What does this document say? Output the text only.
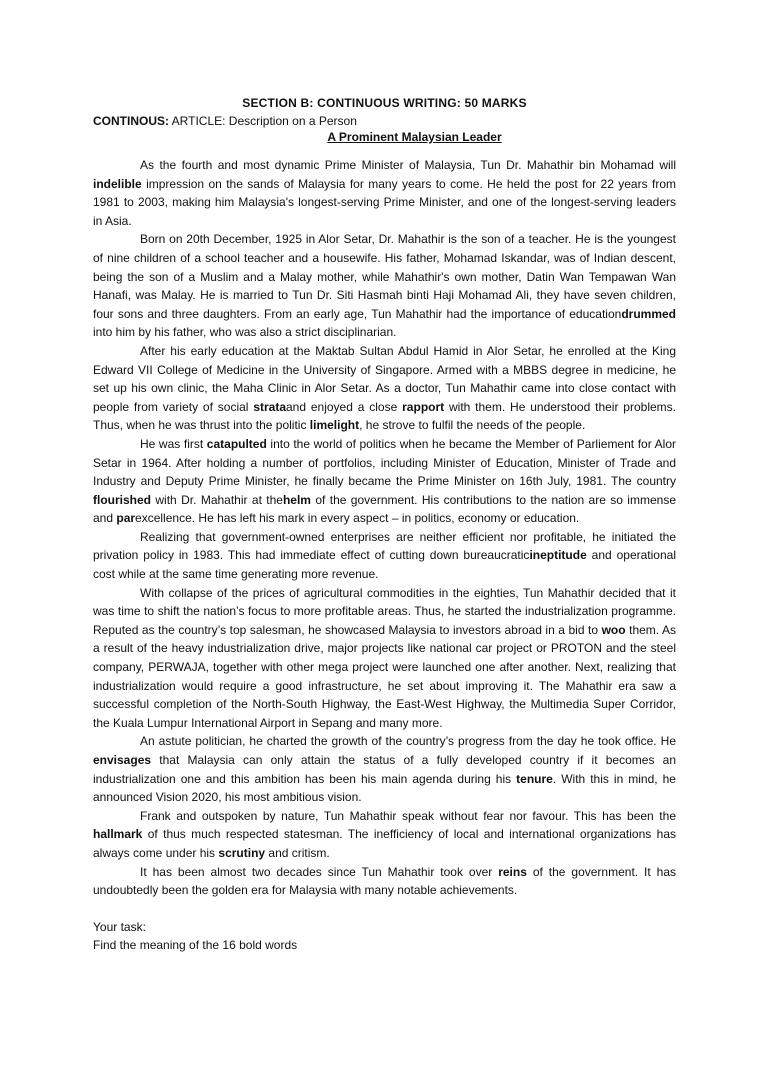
SECTION B: CONTINUOUS WRITING: 50 MARKS

CONTINOUS: ARTICLE: Description on a Person

A Prominent Malaysian Leader

As the fourth and most dynamic Prime Minister of Malaysia, Tun Dr. Mahathir bin Mohamad will indelible impression on the sands of Malaysia for many years to come. He held the post for 22 years from 1981 to 2003, making him Malaysia's longest-serving Prime Minister, and one of the longest-serving leaders in Asia.

Born on 20th December, 1925 in Alor Setar, Dr. Mahathir is the son of a teacher. He is the youngest of nine children of a school teacher and a housewife. His father, Mohamad Iskandar, was of Indian descent, being the son of a Muslim and a Malay mother, while Mahathir's own mother, Datin Wan Tempawan Wan Hanafi, was Malay. He is married to Tun Dr. Siti Hasmah binti Haji Mohamad Ali, they have seven children, four sons and three daughters. From an early age, Tun Mahathir had the importance of educationdrummed into him by his father, who was also a strict disciplinarian.

After his early education at the Maktab Sultan Abdul Hamid in Alor Setar, he enrolled at the King Edward VII College of Medicine in the University of Singapore. Armed with a MBBS degree in medicine, he set up his own clinic, the Maha Clinic in Alor Setar. As a doctor, Tun Mahathir came into close contact with people from variety of social strataand enjoyed a close rapport with them. He understood their problems. Thus, when he was thrust into the politic limelight, he strove to fulfil the needs of the people.

He was first catapulted into the world of politics when he became the Member of Parliement for Alor Setar in 1964. After holding a number of portfolios, including Minister of Education, Minister of Trade and Industry and Deputy Prime Minister, he finally became the Prime Minister on 16th July, 1981. The country flourished with Dr. Mahathir at thehelm of the government. His contributions to the nation are so immense and parexcellence. He has left his mark in every aspect – in politics, economy or education.

Realizing that government-owned enterprises are neither efficient nor profitable, he initiated the privation policy in 1983. This had immediate effect of cutting down bureaucraticineptitude and operational cost while at the same time generating more revenue.

With collapse of the prices of agricultural commodities in the eighties, Tun Mahathir decided that it was time to shift the nation’s focus to more profitable areas. Thus, he started the industrialization programme. Reputed as the country’s top salesman, he showcased Malaysia to investors abroad in a bid to woo them. As a result of the heavy industrialization drive, major projects like national car project or PROTON and the steel company, PERWAJA, together with other mega project were launched one after another. Next, realizing that industrialization would require a good infrastructure, he set about improving it. The Mahathir era saw a successful completion of the North-South Highway, the East-West Highway, the Multimedia Super Corridor, the Kuala Lumpur International Airport in Sepang and many more.

An astute politician, he charted the growth of the country’s progress from the day he took office. He envisages that Malaysia can only attain the status of a fully developed country if it becomes an industrialization one and this ambition has been his main agenda during his tenure. With this in mind, he announced Vision 2020, his most ambitious vision.

Frank and outspoken by nature, Tun Mahathir speak without fear nor favour. This has been the hallmark of thus much respected statesman. The inefficiency of local and international organizations has always come under his scrutiny and critism.

It has been almost two decades since Tun Mahathir took over reins of the government. It has undoubtedly been the golden era for Malaysia with many notable achievements.

Your task:

Find the meaning of the 16 bold words
